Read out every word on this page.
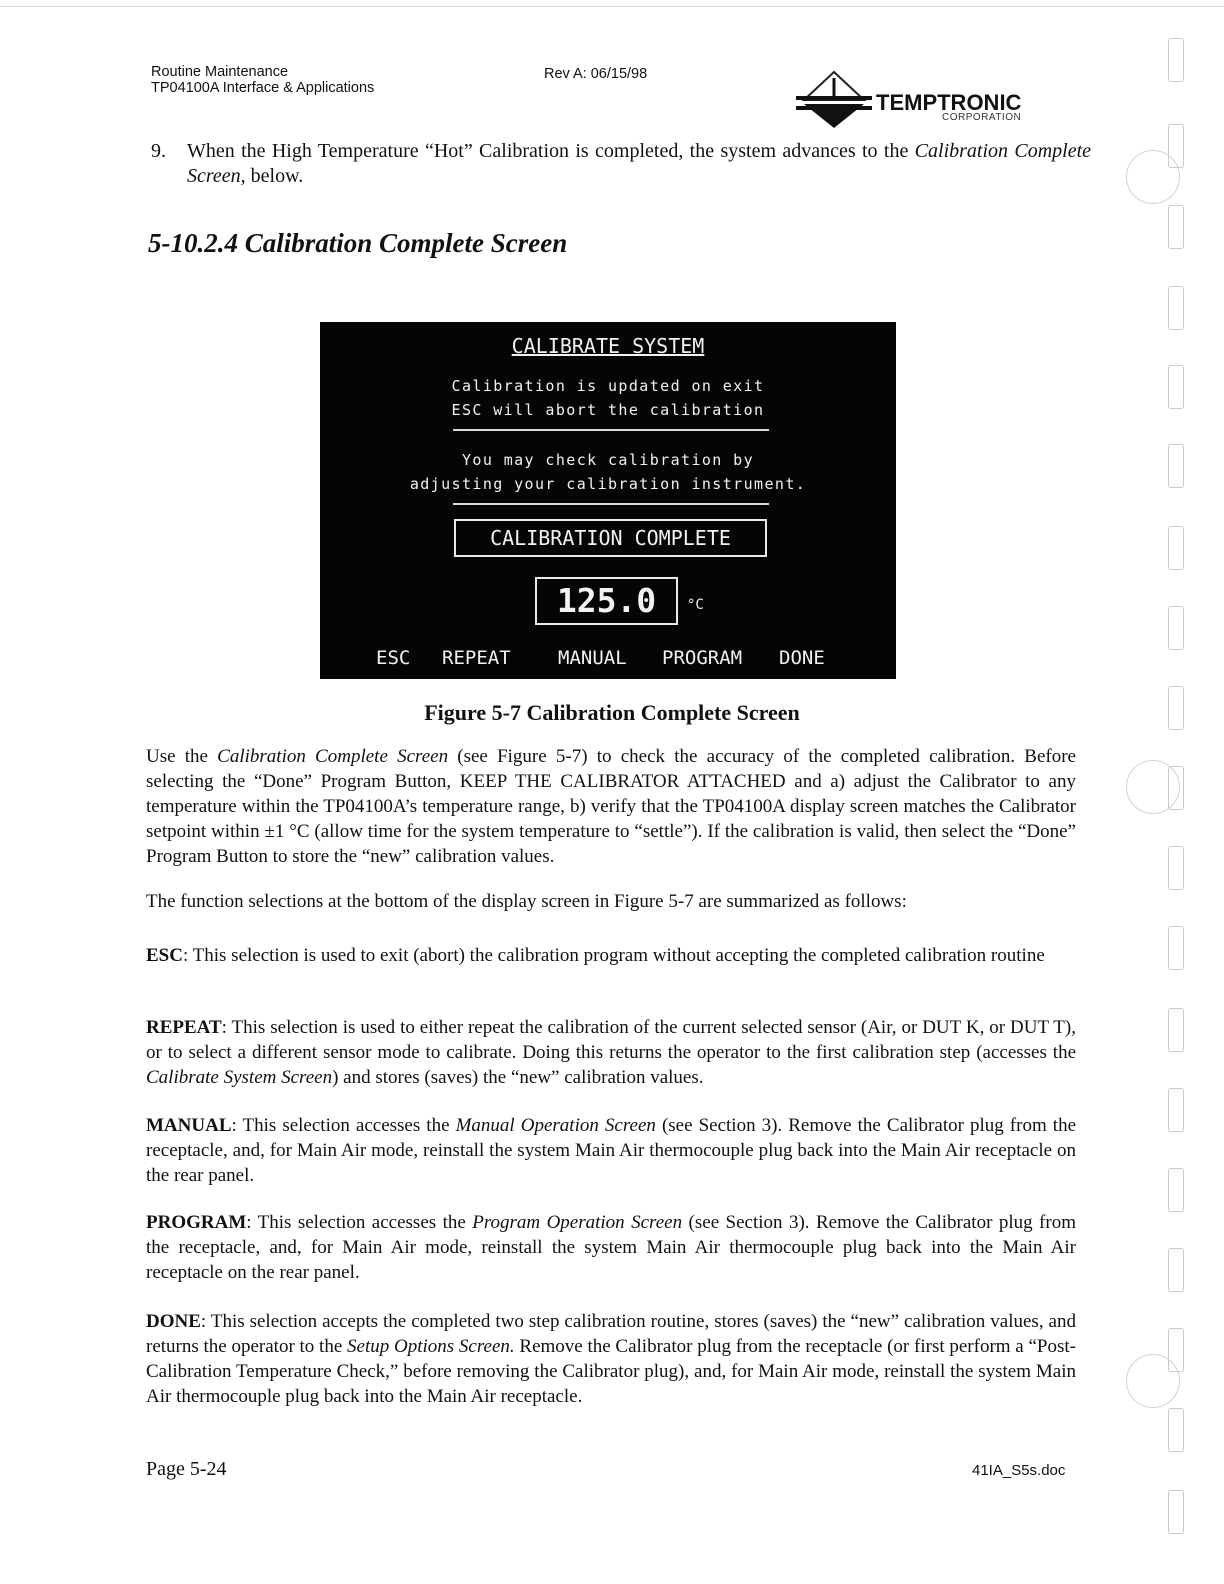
Routine Maintenance
TP04100A Interface & Applications
Rev A: 06/15/98
TEMPTRONIC
CORPORATION
9. When the High Temperature “Hot” Calibration is completed, the system advances to the Calibration Complete Screen, below.
5-10.2.4 Calibration Complete Screen
CALIBRATE SYSTEM
Calibration is updated on exit
ESC will abort the calibration
You may check calibration by
adjusting your calibration instrument.
CALIBRATION COMPLETE
125.0	°C
ESC REPEAT MANUAL PROGRAM DONE
Figure 5-7 Calibration Complete Screen

Use the Calibration Complete Screen (see Figure 5-7) to check the accuracy of the completed calibration. Before selecting the “Done” Program Button, KEEP THE CALIBRATOR ATTACHED and a) adjust the Calibrator to any temperature within the TP04100A’s temperature range, b) verify that the TP04100A display screen matches the Calibrator setpoint within ±1 °C (allow time for the system temperature to “settle”). If the calibration is valid, then select the “Done” Program Button to store the “new” calibration values.

The function selections at the bottom of the display screen in Figure 5-7 are summarized as follows:

ESC: This selection is used to exit (abort) the calibration program without accepting the completed calibration routine

REPEAT: This selection is used to either repeat the calibration of the current selected sensor (Air, or DUT K, or DUT T), or to select a different sensor mode to calibrate. Doing this returns the operator to the first calibration step (accesses the Calibrate System Screen) and stores (saves) the “new” calibration values.

MANUAL: This selection accesses the Manual Operation Screen (see Section 3). Remove the Calibrator plug from the receptacle, and, for Main Air mode, reinstall the system Main Air thermocouple plug back into the Main Air receptacle on the rear panel.

PROGRAM: This selection accesses the Program Operation Screen (see Section 3). Remove the Calibrator plug from the receptacle, and, for Main Air mode, reinstall the system Main Air thermocouple plug back into the Main Air receptacle on the rear panel.

DONE: This selection accepts the completed two step calibration routine, stores (saves) the “new” calibration values, and returns the operator to the Setup Options Screen. Remove the Calibrator plug from the receptacle (or first perform a “Post-Calibration Temperature Check,” before removing the Calibrator plug), and, for Main Air mode, reinstall the system Main Air thermocouple plug back into the Main Air receptacle.

Page 5-24	41IA_S5s.doc
